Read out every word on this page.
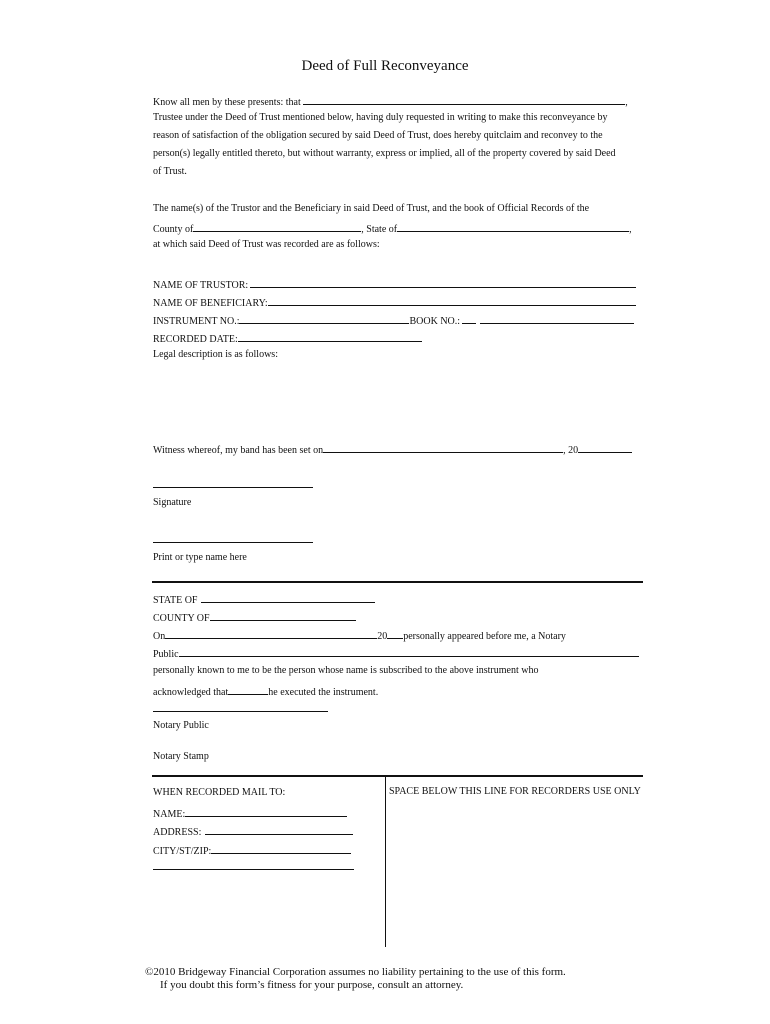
Deed of Full Reconveyance
Know all men by these presents: that	,
Trustee under the Deed of Trust mentioned below, having duly requested in writing to make this reconveyance by
reason of satisfaction of the obligation secured by said Deed of Trust, does hereby quitclaim and reconvey to the
person(s) legally entitled thereto, but without warranty, express or implied, all of the property covered by said Deed
of Trust.
The name(s) of the Trustor and the Beneficiary in said Deed of Trust, and the book of Official Records of the
County of	, State of	,
at which said Deed of Trust was recorded are as follows:
NAME OF TRUSTOR:
NAME OF BENEFICIARY:
INSTRUMENT NO.:	BOOK NO.:
RECORDED DATE:
Legal description is as follows:
Witness whereof, my band has been set on	, 20
Signature
Print or type name here
STATE OF
COUNTY OF
On	20 personally appeared before me, a Notary
Public
personally known to me to be the person whose name is subscribed to the above instrument who
acknowledged that	he executed the instrument.
Notary Public
Notary Stamp
WHEN RECORDED MAIL TO:
NAME:
ADDRESS:
CITY/ST/ZIP:
SPACE BELOW THIS LINE FOR RECORDERS USE ONLY
©2010 Bridgeway Financial Corporation assumes no liability pertaining to the use of this form.
If you doubt this form’s fitness for your purpose, consult an attorney.
